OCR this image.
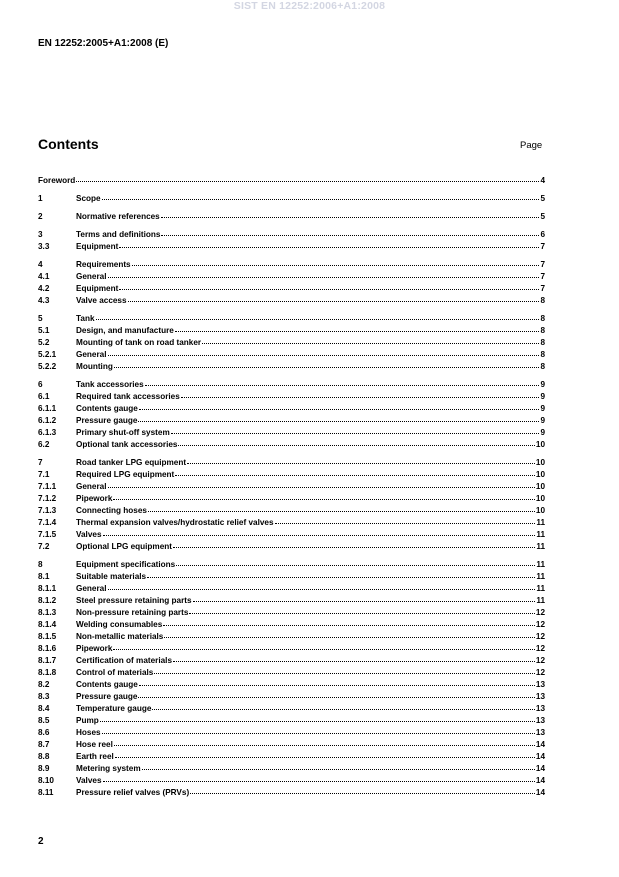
SIST EN 12252:2006+A1:2008
EN 12252:2005+A1:2008 (E)
Contents	Page
Foreword	4
1	Scope	5
2	Normative references	5
3	Terms and definitions	6
3.3	Equipment	7
4	Requirements	7
4.1	General	7
4.2	Equipment	7
4.3	Valve access	8
5	Tank	8
5.1	Design, and manufacture	8
5.2	Mounting of tank on road tanker	8
5.2.1	General	8
5.2.2	Mounting	8
6	Tank accessories	9
6.1	Required tank accessories	9
6.1.1	Contents gauge	9
6.1.2	Pressure gauge	9
6.1.3	Primary shut-off system	9
6.2	Optional tank accessories	10
7	Road tanker LPG equipment	10
7.1	Required LPG equipment	10
7.1.1	General	10
7.1.2	Pipework	10
7.1.3	Connecting hoses	10
7.1.4	Thermal expansion valves/hydrostatic relief valves	11
7.1.5	Valves	11
7.2	Optional LPG equipment	11
8	Equipment specifications	11
8.1	Suitable materials	11
8.1.1	General	11
8.1.2	Steel pressure retaining parts	11
8.1.3	Non-pressure retaining parts	12
8.1.4	Welding consumables	12
8.1.5	Non-metallic materials	12
8.1.6	Pipework	12
8.1.7	Certification of materials	12
8.1.8	Control of materials	12
8.2	Contents gauge	13
8.3	Pressure gauge	13
8.4	Temperature gauge	13
8.5	Pump	13
8.6	Hoses	13
8.7	Hose reel	14
8.8	Earth reel	14
8.9	Metering system	14
8.10	Valves	14
8.11	Pressure relief valves (PRVs)	14
2
